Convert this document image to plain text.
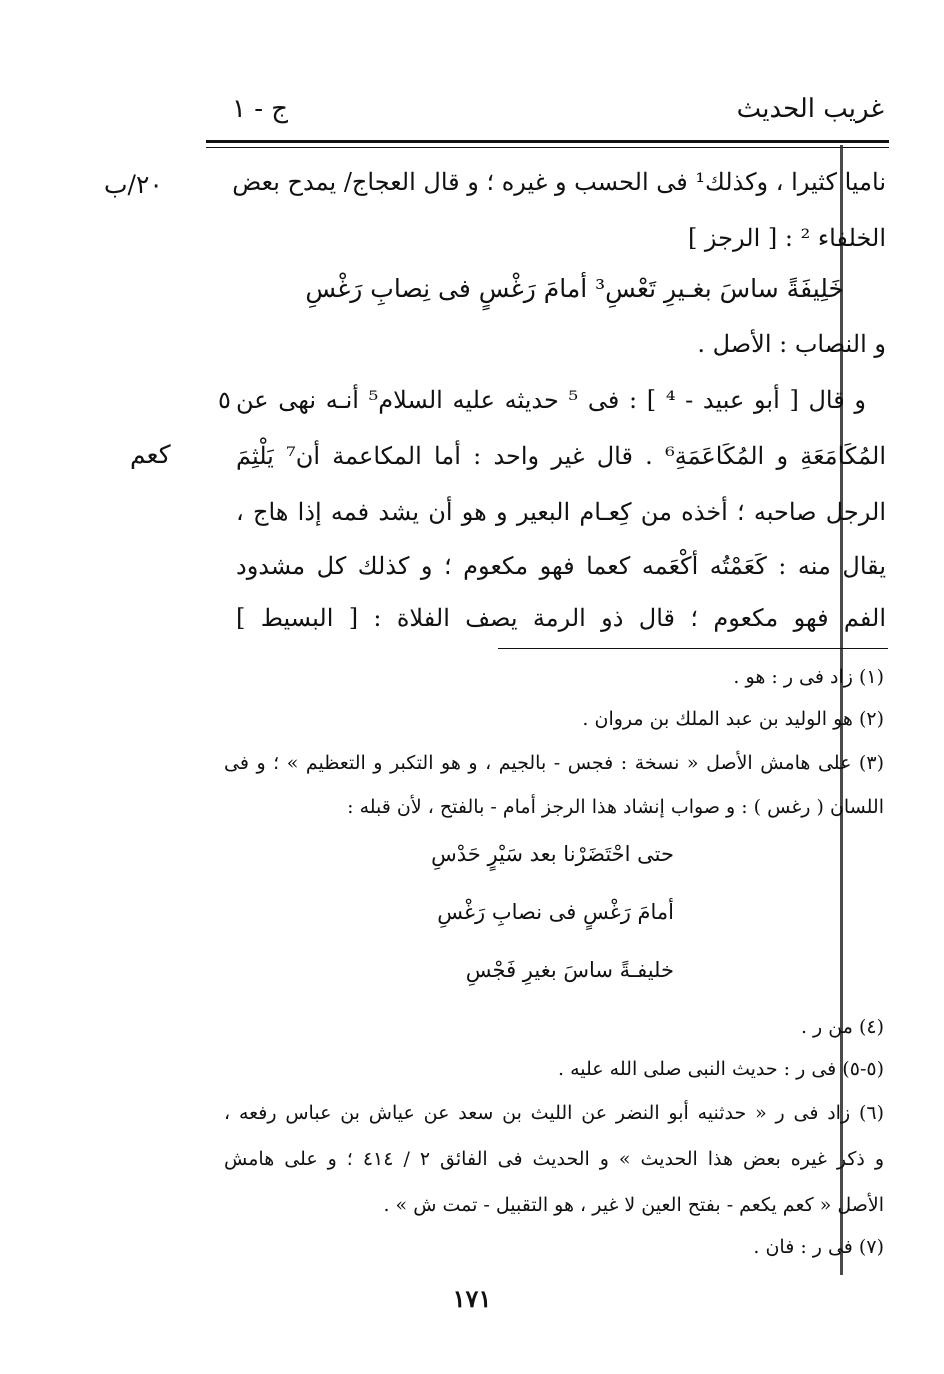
غريب الحديث
ج - ١
٢٠/ب
كعم
ناميا كثيرا ، وكذلك¹ فى الحسب و غيره ؛ و قال العجاج/ يمدح بعض
الخلفاء ² : [ الرجز ]
خَلِيفَةً ساسَ بغـيرِ تَعْسِ³ أمامَ رَغْسٍ فى نِصابِ رَغْسِ
و النصاب : الأصل .
و قال [ أبو عبيد - ⁴ ] : فى ⁵ حديثه عليه السلام⁵ أنـه نهى عن
٥
المُكَامَعَةِ و المُكَاعَمَةِ⁶ . قال غير واحد : أما المكاعمة أن⁷ يَلْثِمَ
الرجل صاحبه ؛ أخذه من كِعـام البعير و هو أن يشد فمه إذا هاج ،
يقال منه : كَعَمْتُه أكْعَمه كعما فهو مكعوم ؛ و كذلك كل مشدود
الفم فهو مكعوم ؛ قال ذو الرمة يصف الفلاة : [ البسيط ]
(١) زاد فى ر : هو .
(٢) هو الوليد بن عبد الملك بن مروان .
(٣) على هامش الأصل « نسخة : فجس - بالجيم ، و هو التكبر و التعظيم » ؛ و فى
اللسان ( رغس ) : و صواب إنشاد هذا الرجز أمام - بالفتح ، لأن قبله :
حتى احْتَضَرْنا بعد سَيْرٍ حَدْسِ
أمامَ رَغْسٍ فى نصابِ رَغْسِ
خليفـةً ساسَ بغيرِ فَجْسِ
(٤) من ر .
(٥-٥) فى ر : حديث النبى صلى الله عليه .
(٦) زاد فى ر « حدثنيه أبو النضر عن الليث بن سعد عن عياش بن عباس رفعه ،
و ذكر غيره بعض هذا الحديث » و الحديث فى الفائق ٢ / ٤١٤ ؛ و على هامش
الأصل « كعم يكعم - بفتح العين لا غير ، هو التقبيل - تمت ش » .
(٧) فى ر : فان .
١٧١
